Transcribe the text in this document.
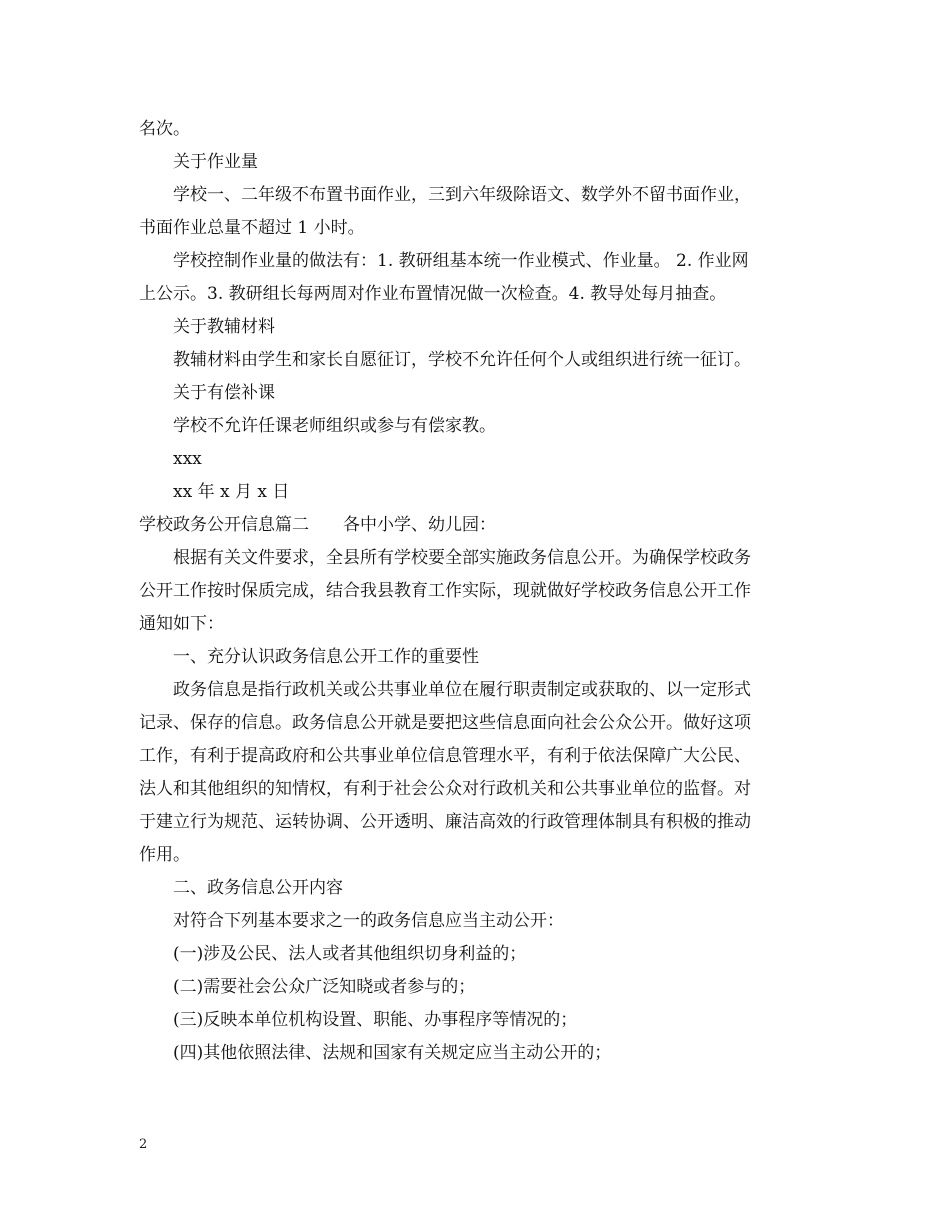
名次。
关于作业量
学校一、二年级不布置书面作业，三到六年级除语文、数学外不留书面作业，
书面作业总量不超过 1 小时。
学校控制作业量的做法有：1. 教研组基本统一作业模式、作业量。 2. 作业网
上公示。3. 教研组长每两周对作业布置情况做一次检查。4. 教导处每月抽查。
关于教辅材料
教辅材料由学生和家长自愿征订，学校不允许任何个人或组织进行统一征订。
关于有偿补课
学校不允许任课老师组织或参与有偿家教。
xxx
xx 年 x 月 x 日
学校政务公开信息篇二　　各中小学、幼儿园：
根据有关文件要求，全县所有学校要全部实施政务信息公开。为确保学校政务
公开工作按时保质完成，结合我县教育工作实际，现就做好学校政务信息公开工作
通知如下：
一、充分认识政务信息公开工作的重要性
政务信息是指行政机关或公共事业单位在履行职责制定或获取的、以一定形式
记录、保存的信息。政务信息公开就是要把这些信息面向社会公众公开。做好这项
工作，有利于提高政府和公共事业单位信息管理水平，有利于依法保障广大公民、
法人和其他组织的知情权，有利于社会公众对行政机关和公共事业单位的监督。对
于建立行为规范、运转协调、公开透明、廉洁高效的行政管理体制具有积极的推动
作用。
二、政务信息公开内容
对符合下列基本要求之一的政务信息应当主动公开：
(一)涉及公民、法人或者其他组织切身利益的；
(二)需要社会公众广泛知晓或者参与的；
(三)反映本单位机构设置、职能、办事程序等情况的；
(四)其他依照法律、法规和国家有关规定应当主动公开的；
2
